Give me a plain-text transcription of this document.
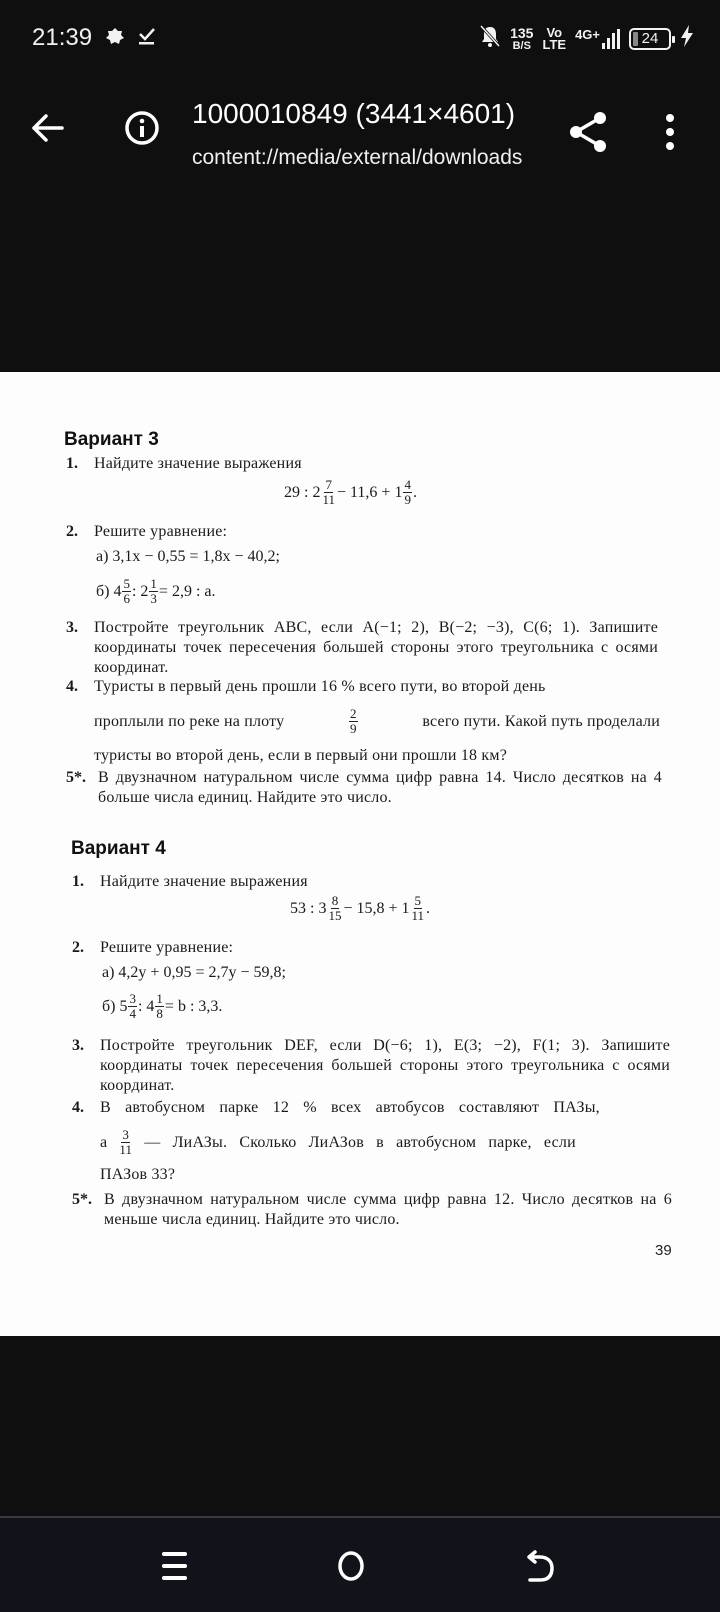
21:39	135
B/S
Vo
LTE
4G+	24
1000010849 (3441×4601)
content://media/external/downloads
Вариант 3
1. Найдите значение выражения
29 : $2 \frac{7}{11} - 11,6 + 1 \frac{4}{9}$ .
2. Решите уравнение:
а) 3,1x − 0,55 = 1,8x − 40,2;
б) $4 \frac{5}{6}$ : $2 \frac{1}{3} = 2,9$ : a.
3. Постройте треугольник ABC, если A(−1; 2), B(−2; −3), C(6; 1). Запишите координаты точек пересечения большей стороны этого треугольника с осями координат.
4. Туристы в первый день прошли 16 % всего пути, во второй день
проплыли по реке на плоту	$\frac{2}{9}$	всего пути. Какой путь проделали
туристы во второй день, если в первый они прошли 18 км?
5*. В двузначном натуральном числе сумма цифр равна 14. Число десятков на 4 больше числа единиц. Найдите это число.
Вариант 4
1. Найдите значение выражения
53 : $3 \frac{8}{15} - 15,8 + 1 \frac{5}{11}$ .
2. Решите уравнение:
а) 4,2y + 0,95 = 2,7y − 59,8;
б) $5 \frac{3}{4}$ : $4 \frac{1}{8} = b$ : 3,3.
3. Постройте треугольник DEF, если D(−6; 1), E(3; −2), F(1; 3). Запишите координаты точек пересечения большей стороны этого треугольника с осями координат.
4. В автобусном парке 12 % всех автобусов составляют ПАЗы,
а $\frac{3}{11}$ — ЛиАЗы. Сколько ЛиАЗов в автобусном парке, если
ПАЗов 33?
5*. В двузначном натуральном числе сумма цифр равна 12. Число десятков на 6 меньше числа единиц. Найдите это число.
39
